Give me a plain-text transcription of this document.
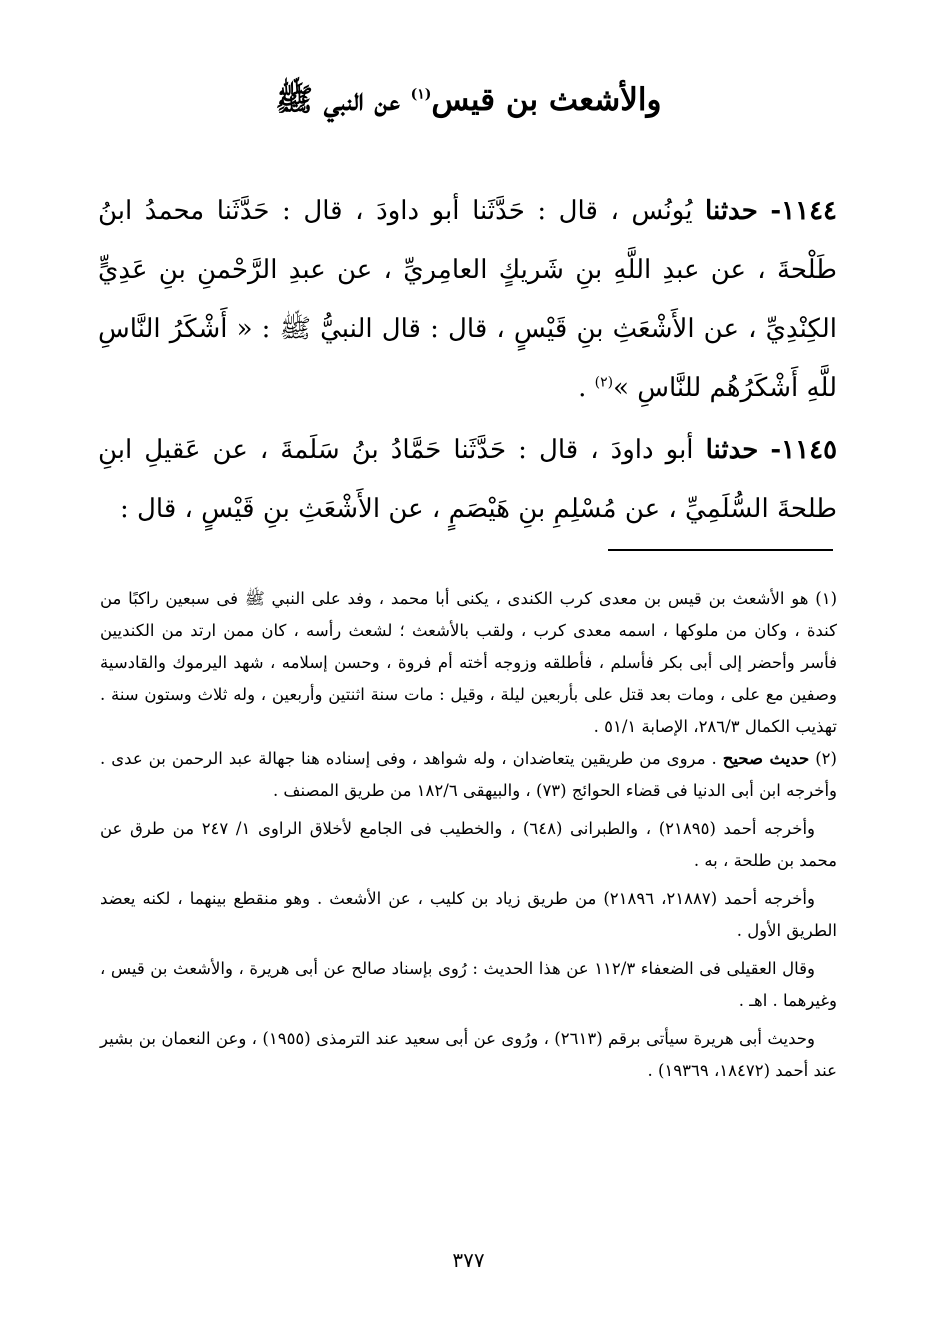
والأشعث بن قيس$^{(١)}$ عن النبي ﷺ

١١٤٤- حدثنا يُونُس ، قال : حَدَّثَنا أبو داودَ ، قال : حَدَّثَنا محمدُ ابنُ طَلْحةَ ، عن عبدِ اللَّهِ بنِ شَريكٍ العامِريِّ ، عن عبدِ الرَّحْمنِ بنِ عَدِيٍّ الكِنْدِيِّ ، عن الأَشْعَثِ بنِ قَيْسٍ ، قال : قال النبيُّ ﷺ : « أَشْكَرُ النَّاسِ للَّهِ أَشْكَرُهُم للنَّاسِ »$^{(٢)}$ .

١١٤٥- حدثنا أبو داودَ ، قال : حَدَّثَنا حَمَّادُ بنُ سَلَمةَ ، عن عَقيلِ ابنِ طلحةَ السُّلَمِيِّ ، عن مُسْلِمِ بنِ هَيْصَمٍ ، عن الأَشْعَثِ بنِ قَيْسٍ ، قال :

(١) هو الأشعث بن قيس بن معدى كرب الكندى ، يكنى أبا محمد ، وفد على النبي ﷺ فى سبعين راكبًا من كندة ، وكان من ملوكها ، اسمه معدى كرب ، ولقب بالأشعث ؛ لشعث رأسه ، كان ممن ارتد من الكنديين فأسر وأحضر إلى أبى بكر فأسلم ، فأطلقه وزوجه أخته أم فروة ، وحسن إسلامه ، شهد اليرموك والقادسية وصفين مع على ، ومات بعد قتل على بأربعين ليلة ، وقيل : مات سنة اثنتين وأربعين ، وله ثلاث وستون سنة . تهذيب الكمال ٢٨٦/٣، الإصابة ٥١/١ .

(٢) حديث صحيح . مروى من طريقين يتعاضدان ، وله شواهد ، وفى إسناده هنا جهالة عبد الرحمن بن عدى . وأخرجه ابن أبى الدنيا فى قضاء الحوائج (٧٣) ، والبيهقى ١٨٢/٦ من طريق المصنف .

وأخرجه أحمد (٢١٨٩٥) ، والطبرانى (٦٤٨) ، والخطيب فى الجامع لأخلاق الراوى ١/ ٢٤٧ من طرق عن محمد بن طلحة ، به .

وأخرجه أحمد (٢١٨٨٧، ٢١٨٩٦) من طريق زياد بن كليب ، عن الأشعث . وهو منقطع بينهما ، لكنه يعضد الطريق الأول .

وقال العقيلى فى الضعفاء ١١٢/٣ عن هذا الحديث : رُوى بإسناد صالح عن أبى هريرة ، والأشعث بن قيس ، وغيرهما . اهـ .

وحديث أبى هريرة سيأتى برقم (٢٦١٣) ، ورُوى عن أبى سعيد عند الترمذى (١٩٥٥) ، وعن النعمان بن بشير عند أحمد (١٨٤٧٢، ١٩٣٦٩) .

٣٧٧
